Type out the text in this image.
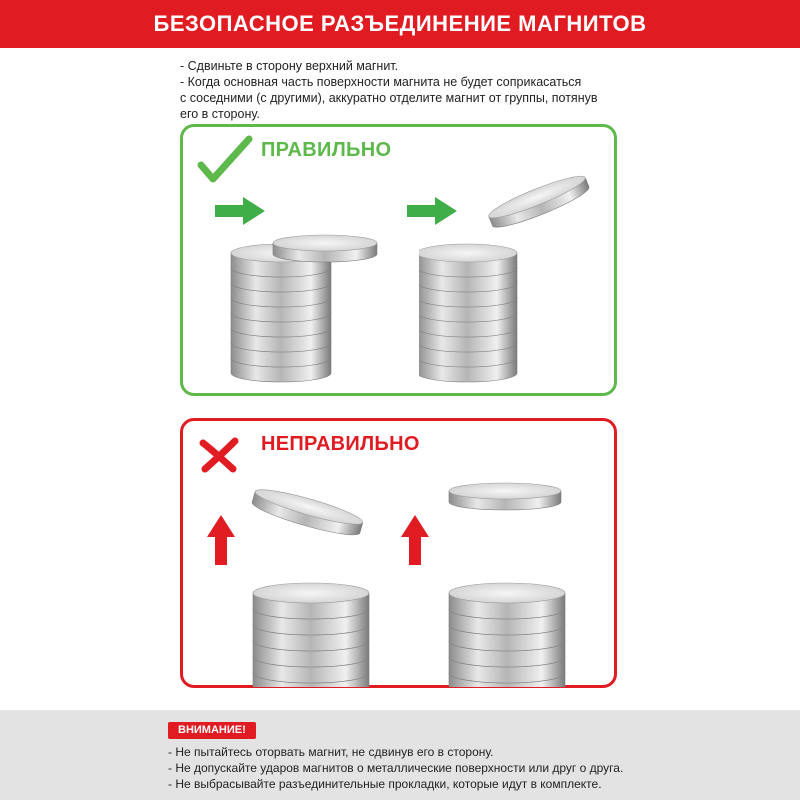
БЕЗОПАСНОЕ РАЗЪЕДИНЕНИЕ МАГНИТОВ

- Сдвиньте в сторону верхний магнит.

- Когда основная часть поверхности магнита не будет соприкасаться

с соседними (с другими), аккуратно отделите магнит от группы, потянув

его в сторону.

ПРАВИЛЬНО
НЕПРАВИЛЬНО
ВНИМАНИЕ!

- Не пытайтесь оторвать магнит, не сдвинув его в сторону.

- Не допускайте ударов магнитов о металлические поверхности или друг о друга.

- Не выбрасывайте разъединительные прокладки, которые идут в комплекте.
